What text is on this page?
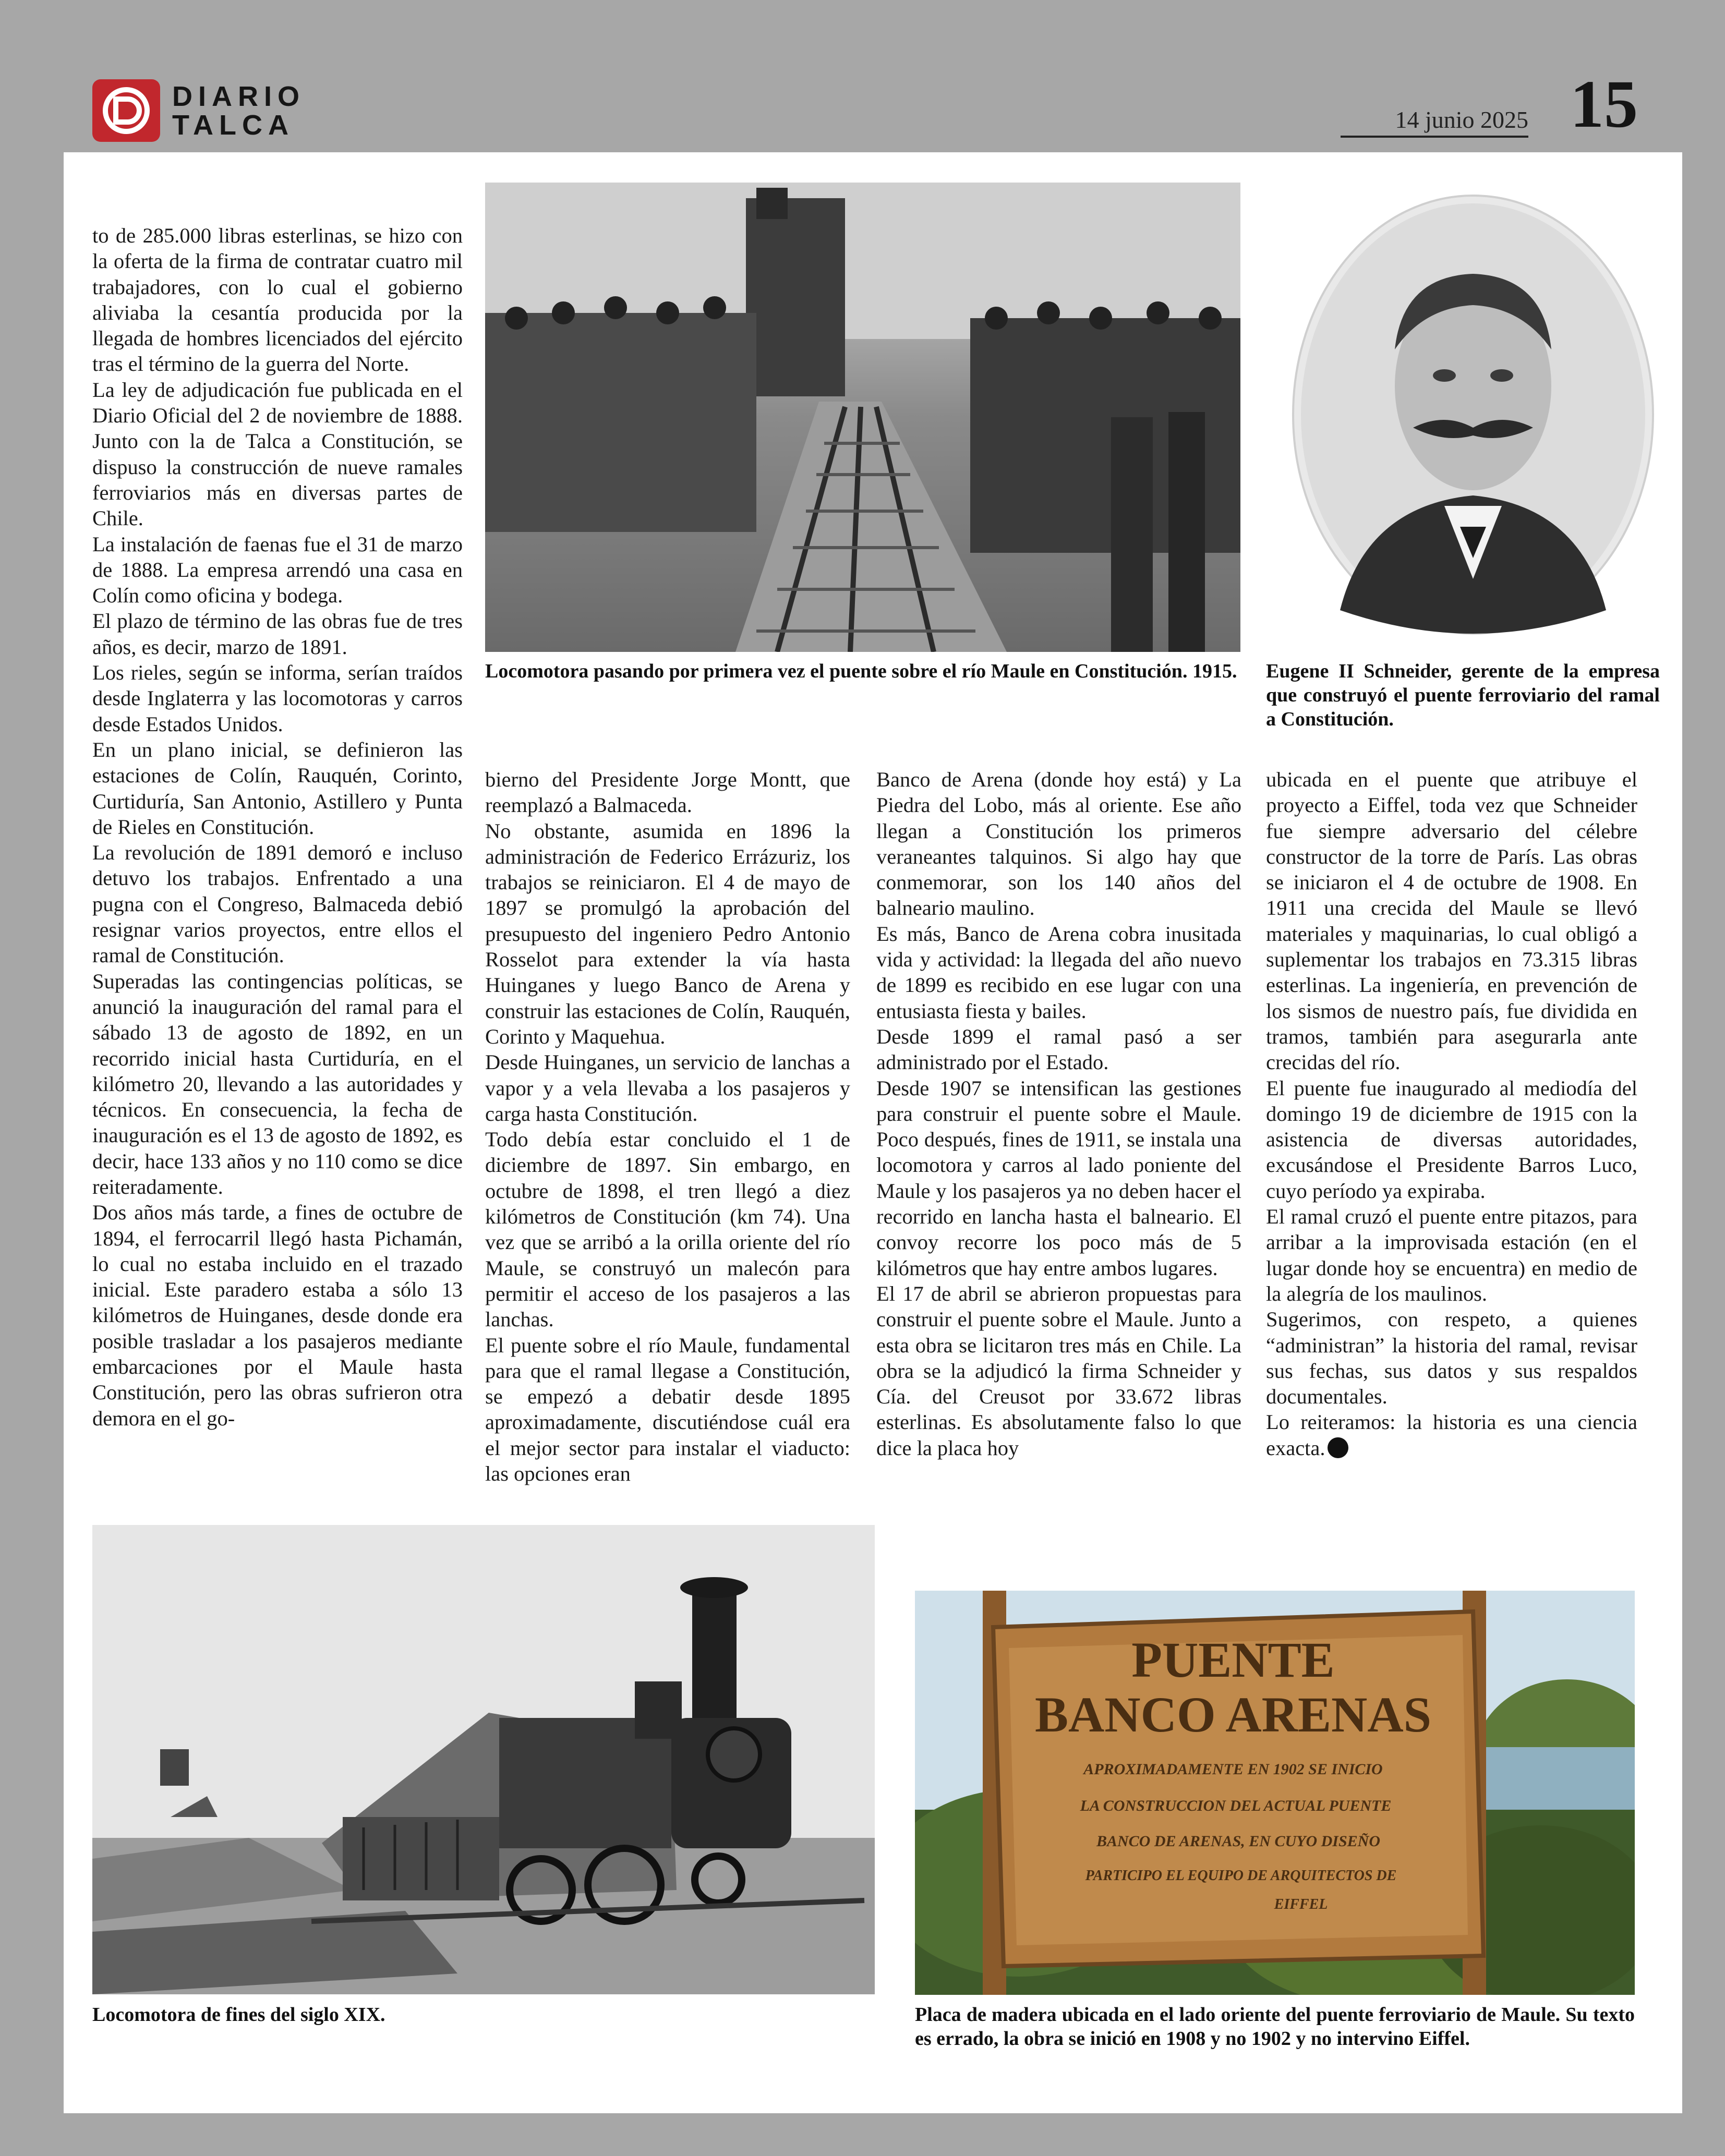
DIARIO
TALCA	14 junio 2025 15

to de 285.000 libras esterlinas, se hizo con la oferta de la firma de contratar cuatro mil trabajadores, con lo cual el gobierno aliviaba la cesantía producida por la llegada de hombres licenciados del ejército tras el término de la guerra del Norte.

La ley de adjudicación fue publicada en el Diario Oficial del 2 de noviembre de 1888. Junto con la de Talca a Constitución, se dispuso la construcción de nueve ramales ferroviarios más en diversas partes de Chile.

La instalación de faenas fue el 31 de marzo de 1888. La empresa arrendó una casa en Colín como oficina y bodega.

El plazo de término de las obras fue de tres años, es decir, marzo de 1891.

Los rieles, según se informa, serían traídos desde Inglaterra y las locomotoras y carros desde Estados Unidos.

En un plano inicial, se definieron las estaciones de Colín, Rauquén, Corinto, Curtiduría, San Antonio, Astillero y Punta de Rieles en Constitución.

La revolución de 1891 demoró e incluso detuvo los trabajos. Enfrentado a una pugna con el Congreso, Balmaceda debió resignar varios proyectos, entre ellos el ramal de Constitución.

Superadas las contingencias políticas, se anunció la inauguración del ramal para el sábado 13 de agosto de 1892, en un recorrido inicial hasta Curtiduría, en el kilómetro 20, llevando a las autoridades y técnicos. En consecuencia, la fecha de inauguración es el 13 de agosto de 1892, es decir, hace 133 años y no 110 como se dice reiteradamente.

Dos años más tarde, a fines de octubre de 1894, el ferrocarril llegó hasta Pichamán, lo cual no estaba incluido en el trazado inicial. Este paradero estaba a sólo 13 kilómetros de Huinganes, desde donde era posible trasladar a los pasajeros mediante embarcaciones por el Maule hasta Constitución, pero las obras sufrieron otra demora en el go-

Locomotora pasando por primera vez el puente sobre el río Maule en Constitución. 1915. Eugene II Schneider, gerente de la empresa que construyó el puente ferroviario del ramal a Constitución.

bierno del Presidente Jorge Montt, que reemplazó a Balmaceda.

No obstante, asumida en 1896 la administración de Federico Errázuriz, los trabajos se reiniciaron. El 4 de mayo de 1897 se promulgó la aprobación del presupuesto del ingeniero Pedro Antonio Rosselot para extender la vía hasta Huinganes y luego Banco de Arena y construir las estaciones de Colín, Rauquén, Corinto y Maquehua.

Desde Huinganes, un servicio de lanchas a vapor y a vela llevaba a los pasajeros y carga hasta Constitución.

Todo debía estar concluido el 1 de diciembre de 1897. Sin embargo, en octubre de 1898, el tren llegó a diez kilómetros de Constitución (km 74). Una vez que se arribó a la orilla oriente del río Maule, se construyó un malecón para permitir el acceso de los pasajeros a las lanchas.

El puente sobre el río Maule, fundamental para que el ramal llegase a Constitución, se empezó a debatir desde 1895 aproximadamente, discutiéndose cuál era el mejor sector para instalar el viaducto: las opciones eran

Banco de Arena (donde hoy está) y La Piedra del Lobo, más al oriente. Ese año llegan a Constitución los primeros veraneantes talquinos. Si algo hay que conmemorar, son los 140 años del balneario maulino.

Es más, Banco de Arena cobra inusitada vida y actividad: la llegada del año nuevo de 1899 es recibido en ese lugar con una entusiasta fiesta y bailes.

Desde 1899 el ramal pasó a ser administrado por el Estado.

Desde 1907 se intensifican las gestiones para construir el puente sobre el Maule. Poco después, fines de 1911, se instala una locomotora y carros al lado poniente del Maule y los pasajeros ya no deben hacer el recorrido en lancha hasta el balneario. El convoy recorre los poco más de 5 kilómetros que hay entre ambos lugares.

El 17 de abril se abrieron propuestas para construir el puente sobre el Maule. Junto a esta obra se licitaron tres más en Chile. La obra se la adjudicó la firma Schneider y Cía. del Creusot por 33.672 libras esterlinas. Es absolutamente falso lo que dice la placa hoy

ubicada en el puente que atribuye el proyecto a Eiffel, toda vez que Schneider fue siempre adversario del célebre constructor de la torre de París. Las obras se iniciaron el 4 de octubre de 1908. En 1911 una crecida del Maule se llevó materiales y maquinarias, lo cual obligó a suplementar los trabajos en 73.315 libras esterlinas. La ingeniería, en prevención de los sismos de nuestro país, fue dividida en tramos, también para asegurarla ante crecidas del río.

El puente fue inaugurado al mediodía del domingo 19 de diciembre de 1915 con la asistencia de diversas autoridades, excusándose el Presidente Barros Luco, cuyo período ya expiraba.

El ramal cruzó el puente entre pitazos, para arribar a la improvisada estación (en el lugar donde hoy se encuentra) en medio de la alegría de los maulinos.

Sugerimos, con respeto, a quienes “administran” la historia del ramal, revisar sus fechas, sus datos y sus respaldos documentales.

Lo reiteramos: la historia es una ciencia exacta.

Locomotora de fines del siglo XIX.
PUENTE
BANCO ARENAS
APROXIMADAMENTE EN 1902 SE INICIO
LA CONSTRUCCION DEL ACTUAL PUENTE
BANCO DE ARENAS, EN CUYO DISEÑO
PARTICIPO EL EQUIPO DE ARQUITECTOS DE
EIFFEL
Placa de madera ubicada en el lado oriente del puente ferroviario de Maule. Su texto es errado, la obra se inició en 1908 y no 1902 y no intervino Eiffel.
